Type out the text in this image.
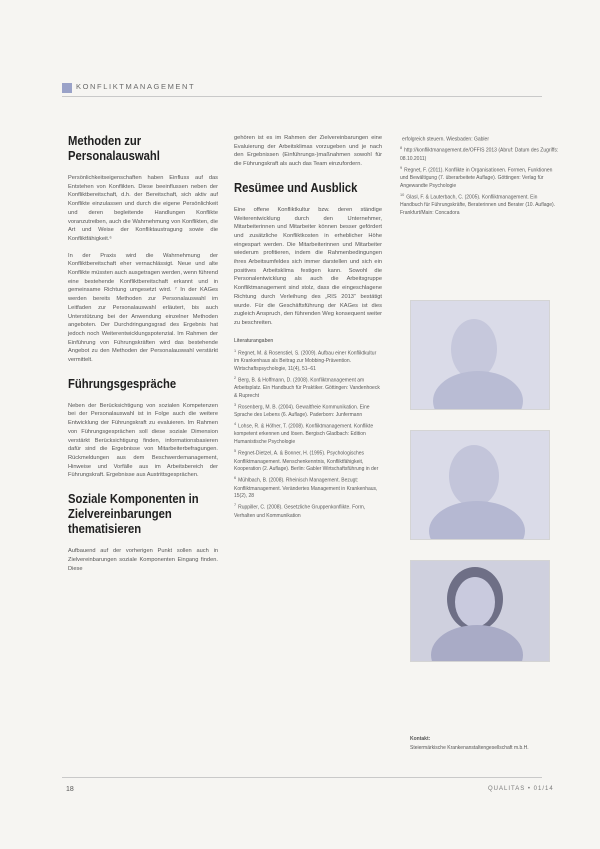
KONFLIKTMANAGEMENT
Methoden zur Personalauswahl

Persönlichkeitseigenschaften haben Einfluss auf das Entstehen von Konflikten. Diese beeinflussen neben der Konfliktbereitschaft, d.h. der Bereitschaft, sich aktiv auf Konflikte einzulassen und durch die eigene Persönlichkeit und deren begleitende Handlungen Konflikte voranzutreiben, auch die Wahrnehmung von Konflikten, die Art und Weise der Konfliktaustragung sowie die Konfliktfähigkeit.⁶

In der Praxis wird die Wahrnehmung der Konfliktbereitschaft eher vernachlässigt. Neue und alte Konflikte müssten auch ausgetragen werden, wenn führend eine bestehende Konfliktbereitschaft erkannt und in gemeinsame Richtung umgesetzt wird. ⁷ In der KAGes werden bereits Methoden zur Personalauswahl im Leitfaden zur Personalauswahl erläutert, bis auch Unterstützung bei der Anwendung einzelner Methoden angeboten. Der Durchdringungsgrad des Ergebnis hat jedoch noch Weiterentwicklungspotenzial. Im Rahmen der Einführung von Führungskräften wird das bestehende Angebot zu den Methoden der Personalauswahl verstärkt vermittelt.

Führungsgespräche

Neben der Berücksichtigung von sozialen Kompetenzen bei der Personalauswahl ist in Folge auch die weitere Entwicklung der Führungskraft zu evaluieren. Im Rahmen von Führungsgesprächen soll diese soziale Dimension verstärkt Berücksichtigung finden, informationsbasieren dafür sind die Ergebnisse von Mitarbeiterbefragungen. Rückmeldungen aus dem Beschwerdemanagement, Hinweise und Vorfälle aus im Arbeitsbereich der Führungskraft. Ergebnisse aus Austrittsgesprächen.

Soziale Komponenten in Zielvereinbarungen thematisieren

Aufbauend auf der vorherigen Punkt sollen auch in Zielvereinbarungen soziale Komponenten Eingang finden. Diese

gehören ist es im Rahmen der Zielvereinbarungen eine Evaluierung der Arbeitsklimas vorzugeben und je nach den Ergebnissen (Einführungs-)maßnahmen sowohl für die Führungskraft als auch das Team einzufordern.

Resümee und Ausblick

Eine offene Konfliktkultur bzw. deren ständige Weiterentwicklung durch den Unternehmer, Mitarbeiterinnen und Mitarbeiter können besser gefördert und zusätzliche Konfliktkosten in erheblicher Höhe eingespart werden. Die Mitarbeiterinnen und Mitarbeiter wiederum profitieren, indem die Rahmenbedingungen ihres Arbeitsumfeldes sich immer darstellen und sich ein positives Arbeitsklima festigen kann. Sowohl die Personalentwicklung als auch die Arbeitsgruppe Konfliktmanagement sind stolz, dass die eingeschlagene Richtung durch Verleihung des „RIS 2013“ bestätigt wurde. Für die Geschäftsführung der KAGes ist dies zugleich Anspruch, den führenden Weg konsequent weiter zu beschreiten.

Literaturangaben
$^1$ Regnet, M. & Rosenstiel, S. (2009). Aufbau einer Konfliktkultur im Krankenhaus als Beitrag zur Mobbing-Prävention. Wirtschaftspsychologie, 11(4), 51–61
$^2$ Berg, B. & Hoffmann, D. (2008). Konfliktmanagement am Arbeitsplatz. Ein Handbuch für Praktiker. Göttingen: Vandenhoeck & Ruprecht
$^3$ Rosenberg, M. B. (2004). Gewaltfreie Kommunikation. Eine Sprache des Lebens (6. Auflage). Paderborn: Junfermann
$^4$ Lohse, R. & Höfner, T. (2008). Konfliktmanagement. Konflikte kompetent erkennen und lösen. Bergisch Gladbach: Edition Humanistische Psychologie
$^5$ Regnet-Dietzel, A. & Bonner, H. (1995). Psychologisches Konfliktmanagement. Menschenkenntnis, Konfliktfähigkeit, Kooperation (2. Auflage). Berlin: Gabler Wirtschaftsführung in der
$^6$ Mühlbach, B. (2008). Rheinisch Management. Bezugt: Konfliktmanagement. Verändertes Management in Krankenhaus, 15(2), 28
$^7$ Ruppiller, C. (2008). Gesetzliche Gruppenkonflikte. Form, Verhalten und Kommunikation
erfolgreich steuern. Wiesbaden: Gabler
$^8$ http://konfliktmanagement.de/OFFIS 2013 (Abruf: Datum des Zugriffs: 08.10.2011)
$^9$ Regnet, F. (2011). Konflikte in Organisationen. Formen, Funktionen und Bewältigung (7. überarbeitete Auflage). Göttingen: Verlag für Angewandte Psychologie
$^{10}$ Glasl, F. & Lauterbach, C. (2005). Konfliktmanagement. Ein Handbuch für Führungskräfte, Beraterinnen und Berater (10. Auflage). Frankfurt/Main: Concadora
Kontakt:
Steiermärkische Krankenanstaltengesellschaft m.b.H.
18	QUALITAS • 01/14
